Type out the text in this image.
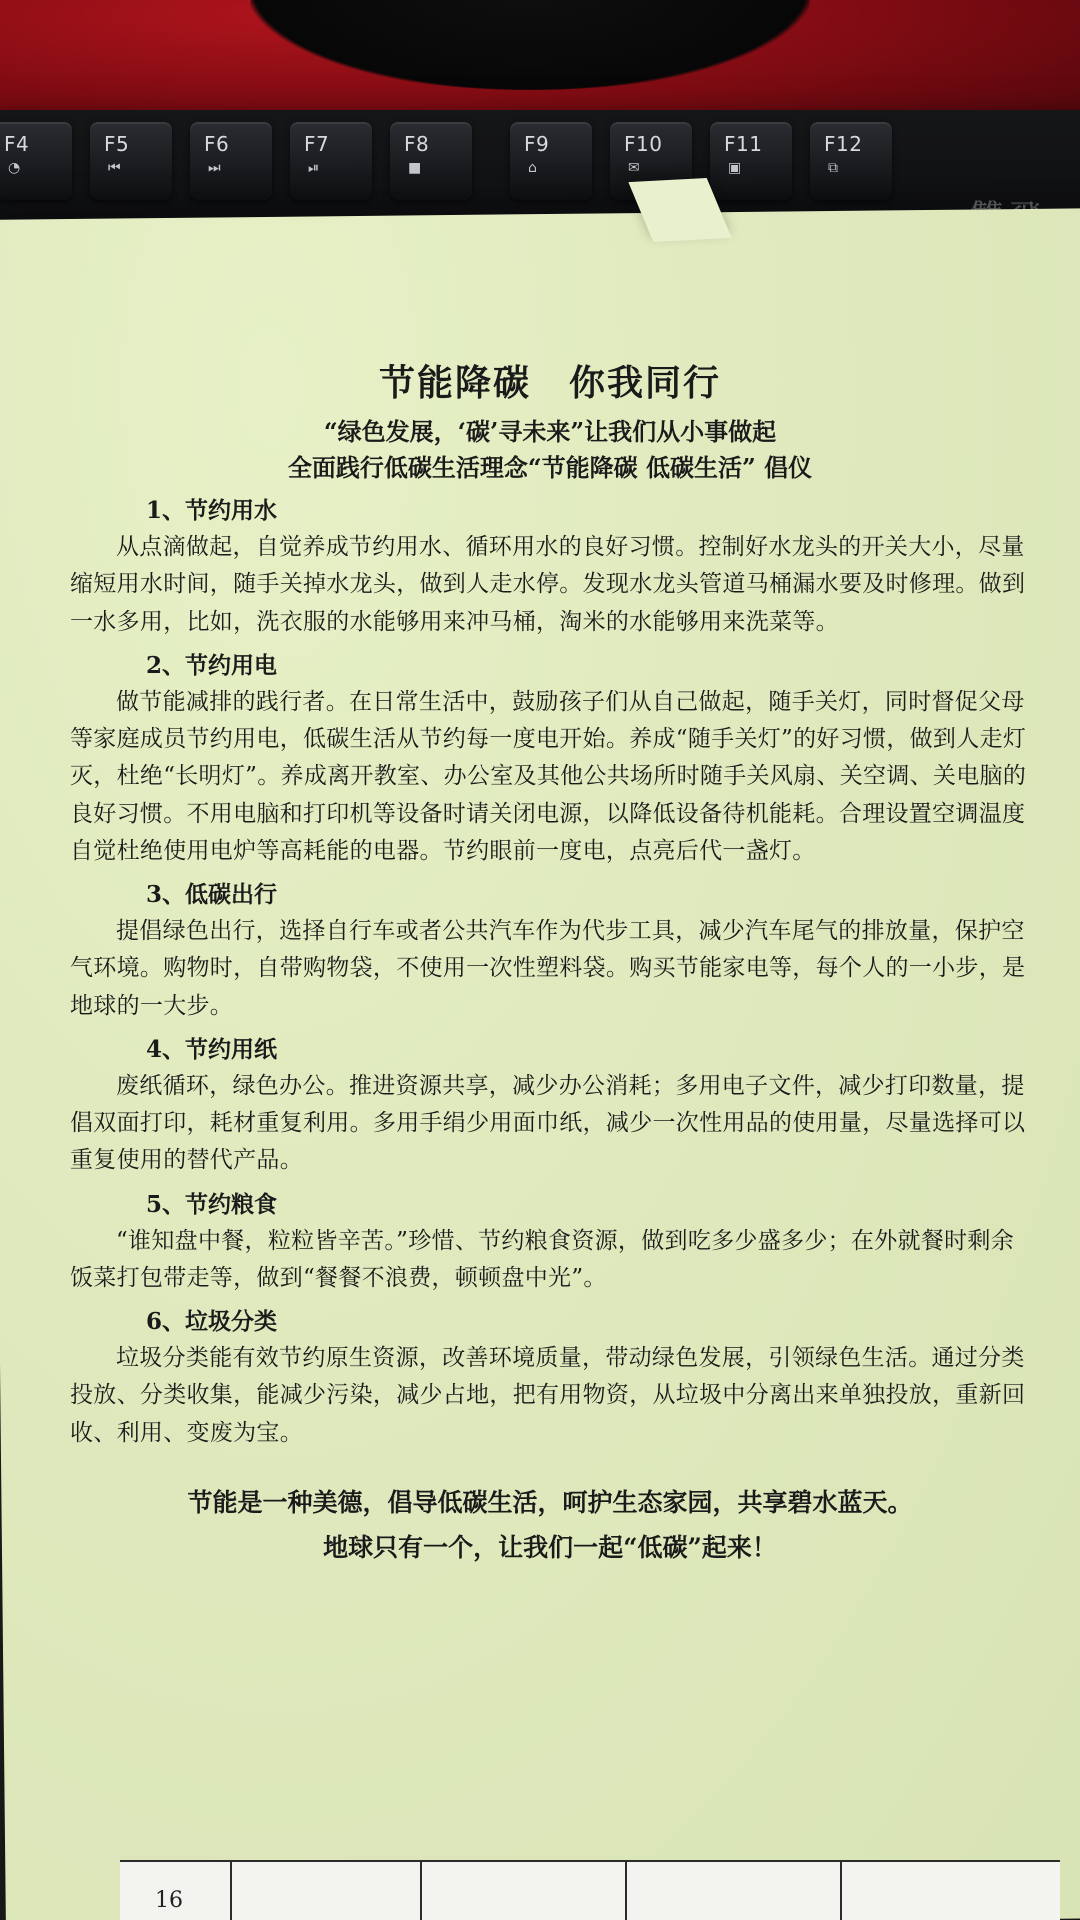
F4
◔
F5
⏮
F6
⏭
F7
⏯
F8
■
F9
⌂
F10
✉
F11
▣
F12
⧉
节能降碳　你我同行
“绿色发展，‘碳’寻未来”让我们从小事做起
全面践行低碳生活理念“节能降碳 低碳生活” 倡仪
1、节约用水
从点滴做起，自觉养成节约用水、循环用水的良好习惯。控制好水龙头的开关大小，尽量缩短用水时间，随手关掉水龙头，做到人走水停。发现水龙头管道马桶漏水要及时修理。做到一水多用，比如，洗衣服的水能够用来冲马桶，淘米的水能够用来洗菜等。
2、节约用电
做节能减排的践行者。在日常生活中，鼓励孩子们从自己做起，随手关灯，同时督促父母等家庭成员节约用电，低碳生活从节约每一度电开始。养成“随手关灯”的好习惯，做到人走灯灭，杜绝“长明灯”。养成离开教室、办公室及其他公共场所时随手关风扇、关空调、关电脑的良好习惯。不用电脑和打印机等设备时请关闭电源，以降低设备待机能耗。合理设置空调温度自觉杜绝使用电炉等高耗能的电器。节约眼前一度电，点亮后代一盏灯。
3、低碳出行
提倡绿色出行，选择自行车或者公共汽车作为代步工具，减少汽车尾气的排放量，保护空气环境。购物时，自带购物袋，不使用一次性塑料袋。购买节能家电等，每个人的一小步，是地球的一大步。
4、节约用纸
废纸循环，绿色办公。推进资源共享，减少办公消耗；多用电子文件，减少打印数量，提倡双面打印，耗材重复利用。多用手绢少用面巾纸，减少一次性用品的使用量，尽量选择可以重复使用的替代产品。
5、节约粮食
“谁知盘中餐，粒粒皆辛苦。”珍惜、节约粮食资源，做到吃多少盛多少；在外就餐时剩余饭菜打包带走等，做到“餐餐不浪费，顿顿盘中光”。
6、垃圾分类
垃圾分类能有效节约原生资源，改善环境质量，带动绿色发展，引领绿色生活。通过分类投放、分类收集，能减少污染，减少占地，把有用物资，从垃圾中分离出来单独投放，重新回收、利用、变废为宝。
节能是一种美德，倡导低碳生活，呵护生态家园，共享碧水蓝天。
地球只有一个，让我们一起“低碳”起来！
16
